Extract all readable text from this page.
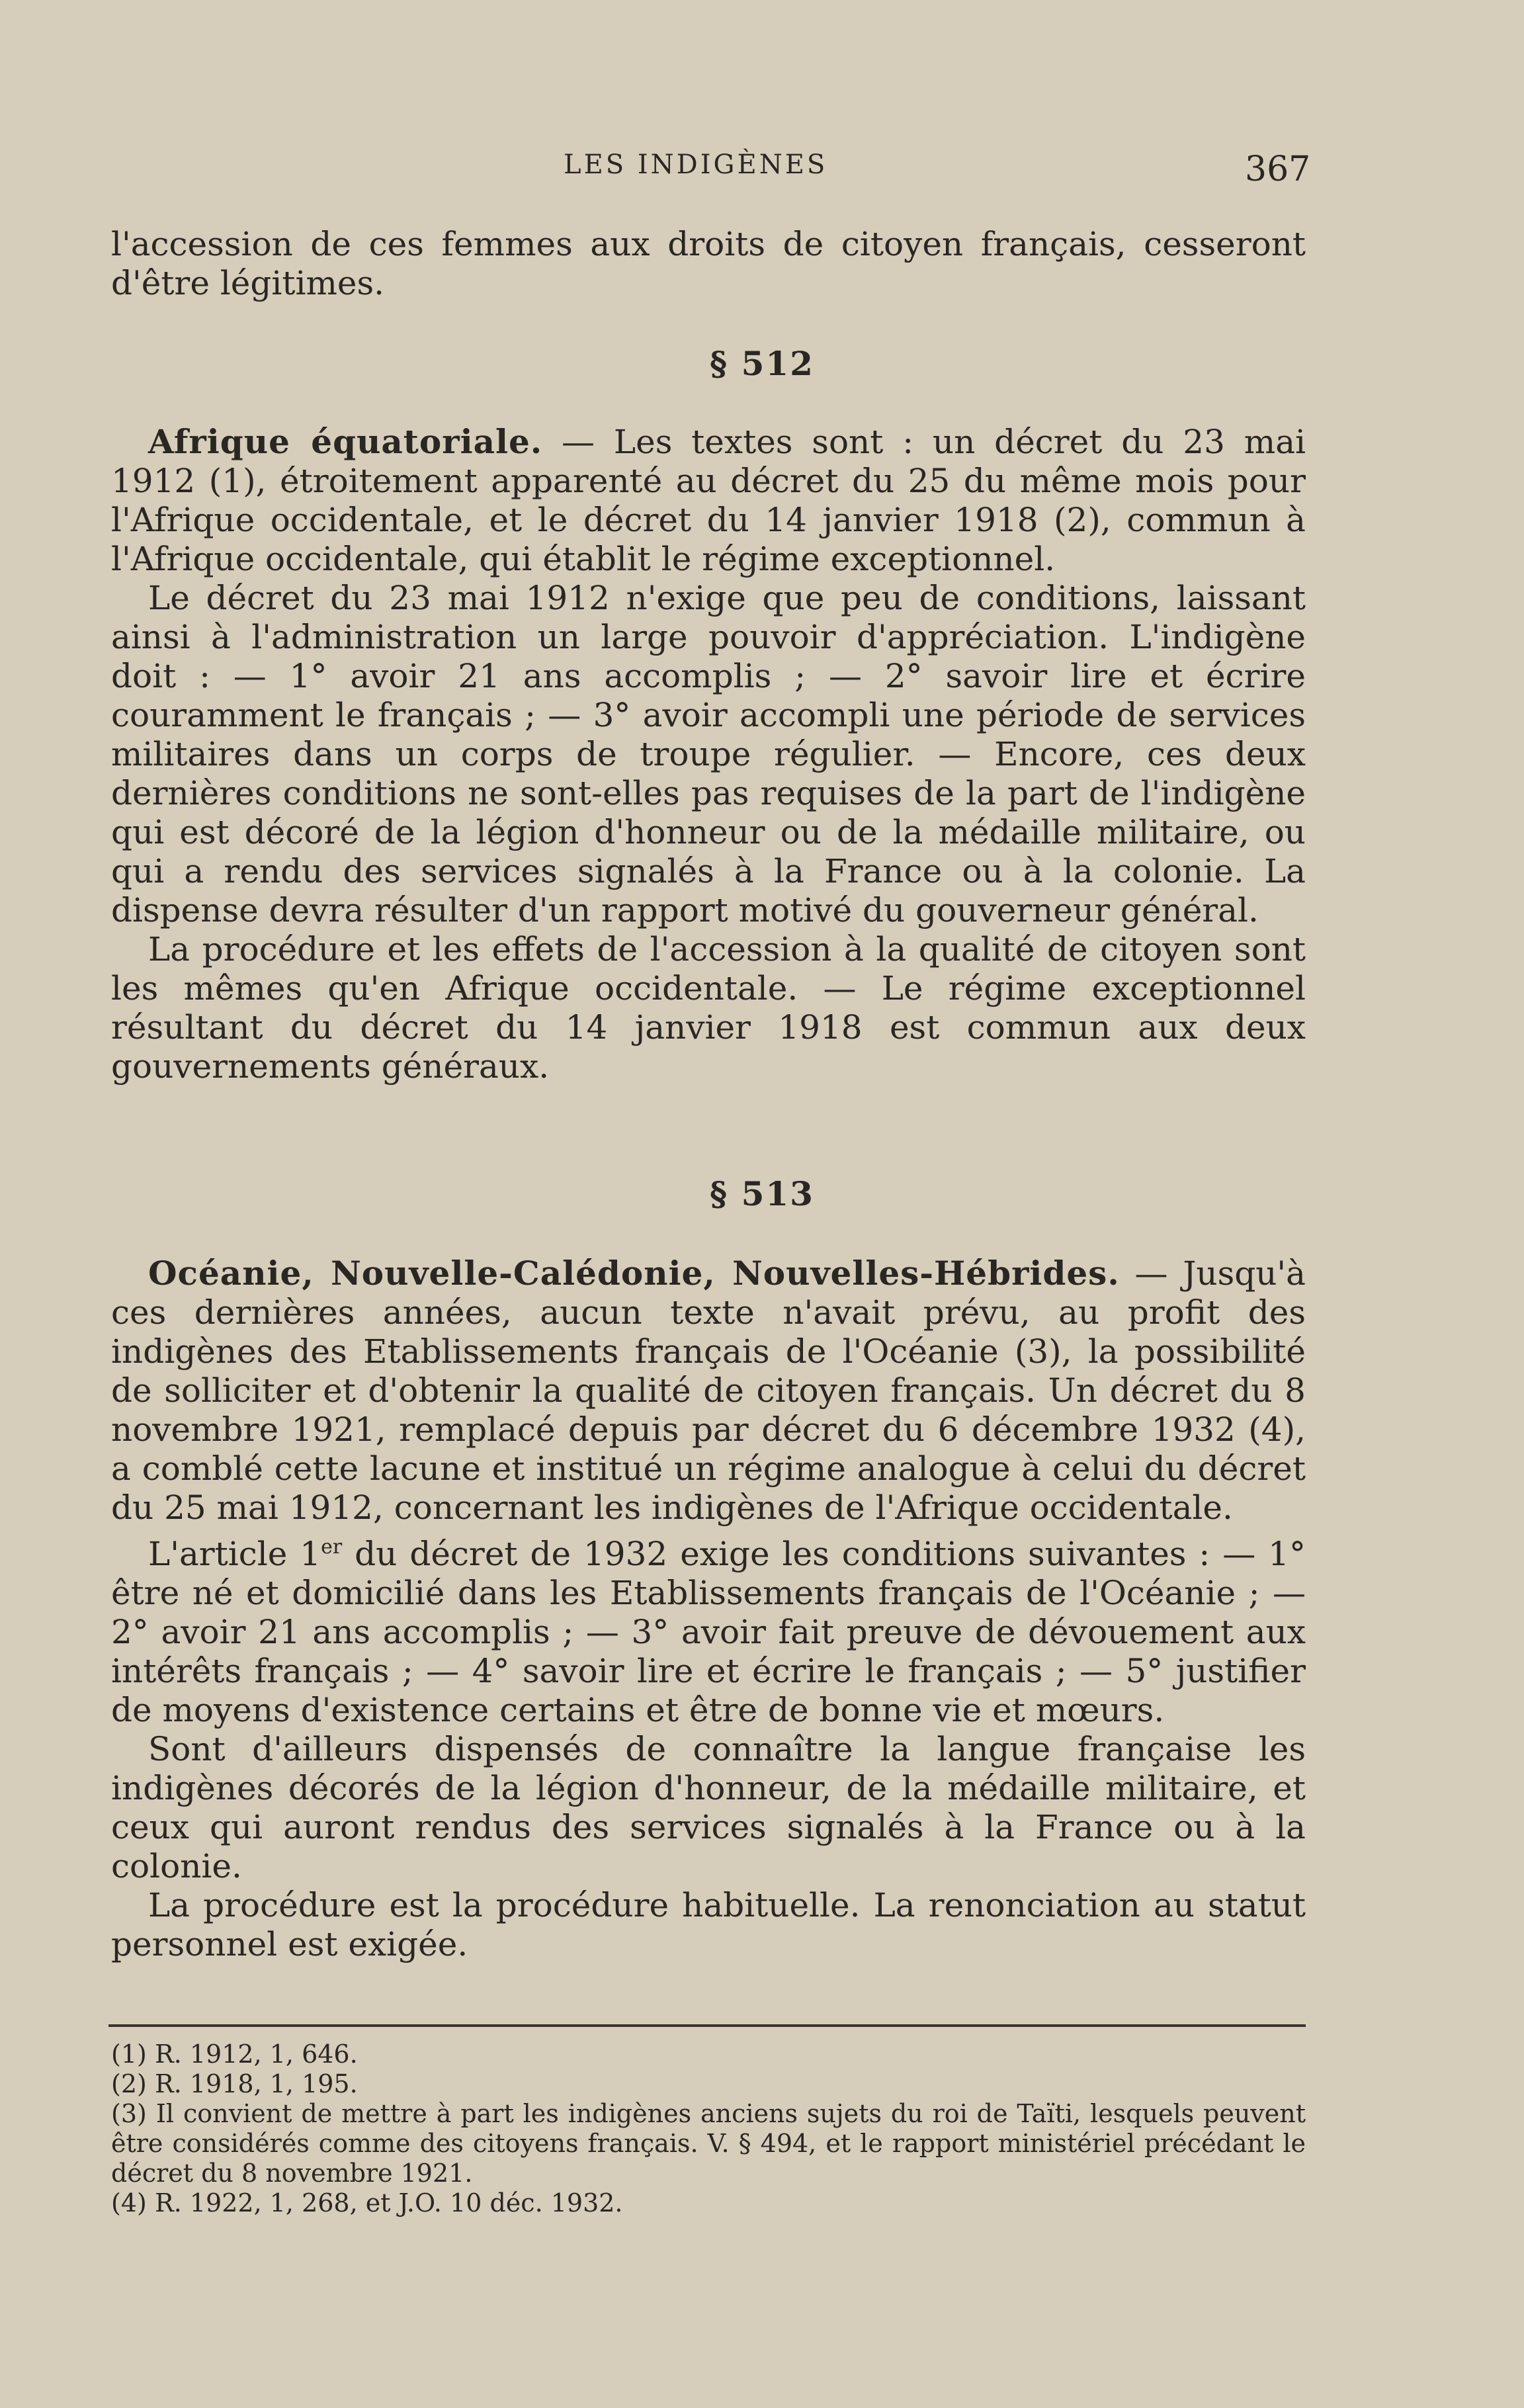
LES INDIGÈNES	367

l'accession de ces femmes aux droits de citoyen français, cesseront d'être légitimes.

§ 512

Afrique équatoriale. — Les textes sont : un décret du 23 mai 1912 (1), étroitement apparenté au décret du 25 du même mois pour l'Afrique occidentale, et le décret du 14 janvier 1918 (2), commun à l'Afrique occidentale, qui établit le régime exceptionnel.

Le décret du 23 mai 1912 n'exige que peu de conditions, laissant ainsi à l'administration un large pouvoir d'appréciation. L'indigène doit : — 1° avoir 21 ans accomplis ; — 2° savoir lire et écrire couramment le français ; — 3° avoir accompli une période de services militaires dans un corps de troupe régulier. — Encore, ces deux dernières conditions ne sont-elles pas requises de la part de l'indigène qui est décoré de la légion d'honneur ou de la médaille militaire, ou qui a rendu des services signalés à la France ou à la colonie. La dispense devra résulter d'un rapport motivé du gouverneur général.

La procédure et les effets de l'accession à la qualité de citoyen sont les mêmes qu'en Afrique occidentale. — Le régime exceptionnel résultant du décret du 14 janvier 1918 est commun aux deux gouvernements généraux.

§ 513

Océanie, Nouvelle-Calédonie, Nouvelles-Hébrides. — Jusqu'à ces dernières années, aucun texte n'avait prévu, au profit des indigènes des Etablissements français de l'Océanie (3), la possibilité de solliciter et d'obtenir la qualité de citoyen français. Un décret du 8 novembre 1921, remplacé depuis par décret du 6 décembre 1932 (4), a comblé cette lacune et institué un régime analogue à celui du décret du 25 mai 1912, concernant les indigènes de l'Afrique occidentale.

L'article 1er du décret de 1932 exige les conditions suivantes : — 1° être né et domicilié dans les Etablissements français de l'Océanie ; — 2° avoir 21 ans accomplis ; — 3° avoir fait preuve de dévouement aux intérêts français ; — 4° savoir lire et écrire le français ; — 5° justifier de moyens d'existence certains et être de bonne vie et mœurs.

Sont d'ailleurs dispensés de connaître la langue française les indigènes décorés de la légion d'honneur, de la médaille militaire, et ceux qui auront rendus des services signalés à la France ou à la colonie.

La procédure est la procédure habituelle. La renonciation au statut personnel est exigée.

(1) R. 1912, 1, 646.

(2) R. 1918, 1, 195.

(3) Il convient de mettre à part les indigènes anciens sujets du roi de Taïti, lesquels peuvent être considérés comme des citoyens français. V. § 494, et le rapport ministériel précédant le décret du 8 novembre 1921.

(4) R. 1922, 1, 268, et J.O. 10 déc. 1932.
